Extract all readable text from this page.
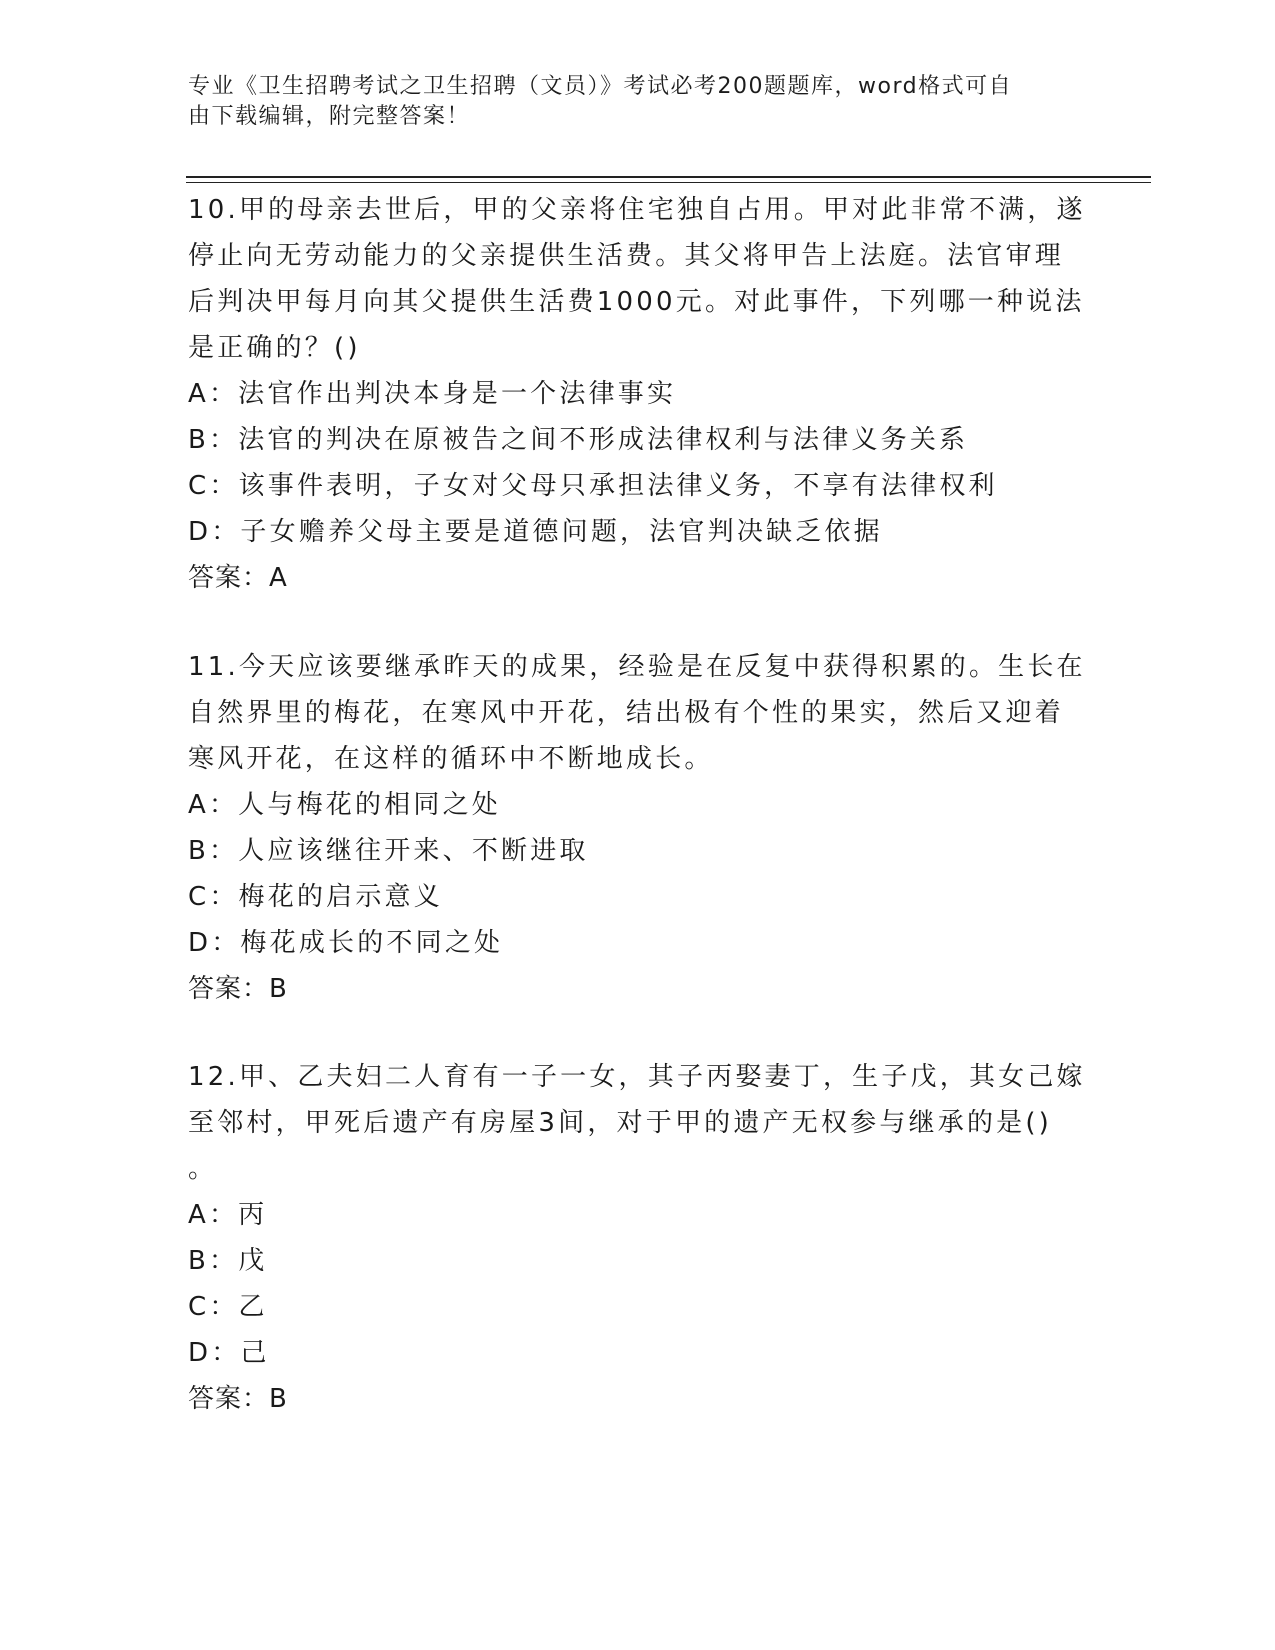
专业《卫生招聘考试之卫生招聘（文员）》考试必考200题题库，word格式可自
由下载编辑，附完整答案！
10.甲的母亲去世后，甲的父亲将住宅独自占用。甲对此非常不满，遂
停止向无劳动能力的父亲提供生活费。其父将甲告上法庭。法官审理
后判决甲每月向其父提供生活费1000元。对此事件，下列哪一种说法
是正确的？()
A：法官作出判决本身是一个法律事实
B：法官的判决在原被告之间不形成法律权利与法律义务关系
C：该事件表明，子女对父母只承担法律义务，不享有法律权利
D：子女赡养父母主要是道德问题，法官判决缺乏依据
答案：A
11.今天应该要继承昨天的成果，经验是在反复中获得积累的。生长在
自然界里的梅花，在寒风中开花，结出极有个性的果实，然后又迎着
寒风开花，在这样的循环中不断地成长。
A：人与梅花的相同之处
B：人应该继往开来、不断进取
C：梅花的启示意义
D：梅花成长的不同之处
答案：B
12.甲、乙夫妇二人育有一子一女，其子丙娶妻丁，生子戊，其女己嫁
至邻村，甲死后遗产有房屋3间，对于甲的遗产无权参与继承的是()
。
A：丙
B：戊
C：乙
D：己
答案：B
